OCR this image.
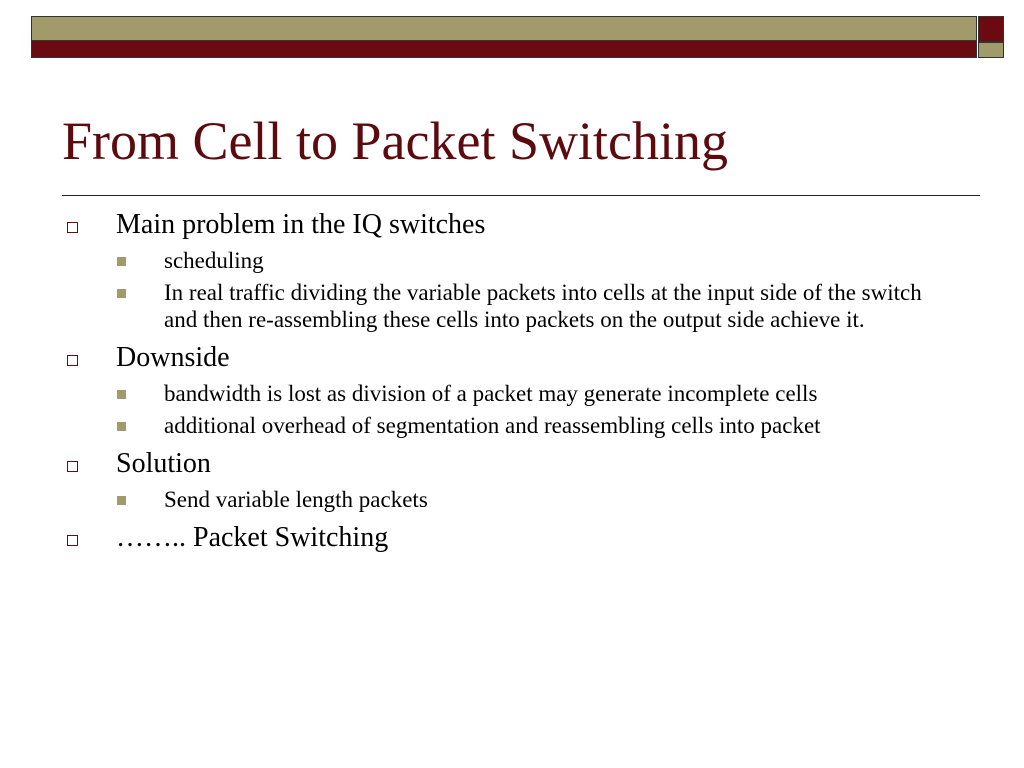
From Cell to Packet Switching
Main problem in the IQ switches
scheduling
In real traffic dividing the variable packets into cells at the input side of the switch and then re-assembling these cells into packets on the output side achieve it.
Downside
bandwidth is lost as division of a packet may generate incomplete cells
additional overhead of segmentation and reassembling cells into packet
Solution
Send variable length packets
…….. Packet Switching
